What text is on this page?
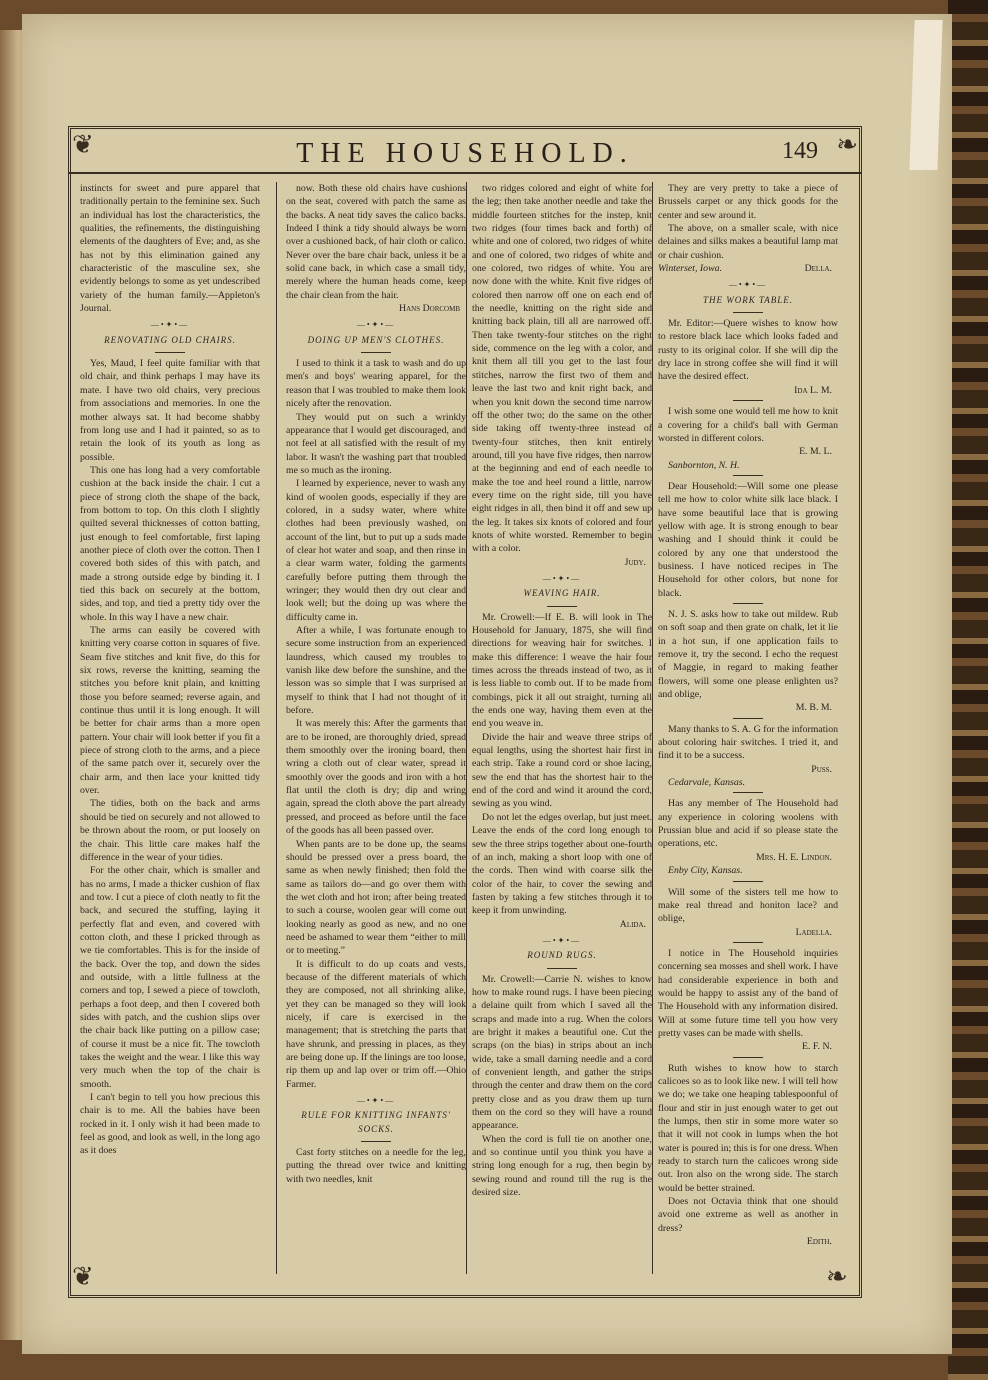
❦	THE HOUSEHOLD.	149 ❧
❦	❧

instincts for sweet and pure apparel that traditionally pertain to the feminine sex. Such an individual has lost the characteristics, the qualities, the refinements, the distinguishing elements of the daughters of Eve; and, as she has not by this elimination gained any characteristic of the masculine sex, she evidently belongs to some as yet undescribed variety of the human family.—Appleton's Journal.

—•✦•—
RENOVATING OLD CHAIRS.

Yes, Maud, I feel quite familiar with that old chair, and think perhaps I may have its mate. I have two old chairs, very precious from associations and memories. In one the mother always sat. It had become shabby from long use and I had it painted, so as to retain the look of its youth as long as possible.

This one has long had a very comfortable cushion at the back inside the chair. I cut a piece of strong cloth the shape of the back, from bottom to top. On this cloth I slightly quilted several thicknesses of cotton batting, just enough to feel comfortable, first laping another piece of cloth over the cotton. Then I covered both sides of this with patch, and made a strong outside edge by binding it. I tied this back on securely at the bottom, sides, and top, and tied a pretty tidy over the whole. In this way I have a new chair.

The arms can easily be covered with knitting very coarse cotton in squares of five. Seam five stitches and knit five, do this for six rows, reverse the knitting, seaming the stitches you before knit plain, and knitting those you before seamed; reverse again, and continue thus until it is long enough. It will be better for chair arms than a more open pattern. Your chair will look better if you fit a piece of strong cloth to the arms, and a piece of the same patch over it, securely over the chair arm, and then lace your knitted tidy over.

The tidies, both on the back and arms should be tied on securely and not allowed to be thrown about the room, or put loosely on the chair. This little care makes half the difference in the wear of your tidies.

For the other chair, which is smaller and has no arms, I made a thicker cushion of flax and tow. I cut a piece of cloth neatly to fit the back, and secured the stuffing, laying it perfectly flat and even, and covered with cotton cloth, and these I pricked through as we tie comfortables. This is for the inside of the back. Over the top, and down the sides and outside, with a little fullness at the corners and top, I sewed a piece of towcloth, perhaps a foot deep, and then I covered both sides with patch, and the cushion slips over the chair back like putting on a pillow case; of course it must be a nice fit. The towcloth takes the weight and the wear. I like this way very much when the top of the chair is smooth.

I can't begin to tell you how precious this chair is to me. All the babies have been rocked in it. I only wish it had been made to feel as good, and look as well, in the long ago as it does

now. Both these old chairs have cushions on the seat, covered with patch the same as the backs. A neat tidy saves the calico backs. Indeed I think a tidy should always be worn over a cushioned back, of hair cloth or calico. Never over the bare chair back, unless it be a solid cane back, in which case a small tidy, merely where the human heads come, keep the chair clean from the hair.

Hans Dorcomb
—•✦•—
DOING UP MEN'S CLOTHES.

I used to think it a task to wash and do up men's and boys' wearing apparel, for the reason that I was troubled to make them look nicely after the renovation.

They would put on such a wrinkly appearance that I would get discouraged, and not feel at all satisfied with the result of my labor. It wasn't the washing part that troubled me so much as the ironing.

I learned by experience, never to wash any kind of woolen goods, especially if they are colored, in a sudsy water, where white clothes had been previously washed, on account of the lint, but to put up a suds made of clear hot water and soap, and then rinse in a clear warm water, folding the garments carefully before putting them through the wringer; they would then dry out clear and look well; but the doing up was where the difficulty came in.

After a while, I was fortunate enough to secure some instruction from an experienced laundress, which caused my troubles to vanish like dew before the sunshine, and the lesson was so simple that I was surprised at myself to think that I had not thought of it before.

It was merely this: After the garments that are to be ironed, are thoroughly dried, spread them smoothly over the ironing board, then wring a cloth out of clear water, spread it smoothly over the goods and iron with a hot flat until the cloth is dry; dip and wring again, spread the cloth above the part already pressed, and proceed as before until the face of the goods has all been passed over.

When pants are to be done up, the seams should be pressed over a press board, the same as when newly finished; then fold the same as tailors do—and go over them with the wet cloth and hot iron; after being treated to such a course, woolen gear will come out looking nearly as good as new, and no one need be ashamed to wear them “either to mill or to meeting.”

It is difficult to do up coats and vests, because of the different materials of which they are composed, not all shrinking alike, yet they can be managed so they will look nicely, if care is exercised in the management; that is stretching the parts that have shrunk, and pressing in places, as they are being done up. If the linings are too loose, rip them up and lap over or trim off.—Ohio Farmer.

—•✦•—
RULE FOR KNITTING INFANTS' SOCKS.

Cast forty stitches on a needle for the leg, putting the thread over twice and knitting with two needles, knit

two ridges colored and eight of white for the leg; then take another needle and take the middle fourteen stitches for the instep, knit two ridges (four times back and forth) of white and one of colored, two ridges of white and one of colored, two ridges of white and one colored, two ridges of white. You are now done with the white. Knit five ridges of colored then narrow off one on each end of the needle, knitting on the right side and knitting back plain, till all are narrowed off. Then take twenty-four stitches on the right side, commence on the leg with a color, and knit them all till you get to the last four stitches, narrow the first two of them and leave the last two and knit right back, and when you knit down the second time narrow off the other two; do the same on the other side taking off twenty-three instead of twenty-four stitches, then knit entirely around, till you have five ridges, then narrow at the beginning and end of each needle to make the toe and heel round a little, narrow every time on the right side, till you have eight ridges in all, then bind it off and sew up the leg. It takes six knots of colored and four knots of white worsted. Remember to begin with a color.

Judy.
—•✦•—
WEAVING HAIR.

Mr. Crowell:—If E. B. will look in The Household for January, 1875, she will find directions for weaving hair for switches. I make this difference: I weave the hair four times across the threads instead of two, as it is less liable to comb out. If to be made from combings, pick it all out straight, turning all the ends one way, having them even at the end you weave in.

Divide the hair and weave three strips of equal lengths, using the shortest hair first in each strip. Take a round cord or shoe lacing, sew the end that has the shortest hair to the end of the cord and wind it around the cord, sewing as you wind.

Do not let the edges overlap, but just meet. Leave the ends of the cord long enough to sew the three strips together about one-fourth of an inch, making a short loop with one of the cords. Then wind with coarse silk the color of the hair, to cover the sewing and fasten by taking a few stitches through it to keep it from unwinding.

Alida.
—•✦•—
ROUND RUGS.

Mr. Crowell:—Carrie N. wishes to know how to make round rugs. I have been piecing a delaine quilt from which I saved all the scraps and made into a rug. When the colors are bright it makes a beautiful one. Cut the scraps (on the bias) in strips about an inch wide, take a small darning needle and a cord of convenient length, and gather the strips through the center and draw them on the cord pretty close and as you draw them up turn them on the cord so they will have a round appearance.

When the cord is full tie on another one, and so continue until you think you have a string long enough for a rug, then begin by sewing round and round till the rug is the desired size.

They are very pretty to take a piece of Brussels carpet or any thick goods for the center and sew around it.

The above, on a smaller scale, with nice delaines and silks makes a beautiful lamp mat or chair cushion.

Winterset, Iowa.	Della.
—•✦•—
THE WORK TABLE.

Mr. Editor:—Quere wishes to know how to restore black lace which looks faded and rusty to its original color. If she will dip the dry lace in strong coffee she will find it will have the desired effect.

Ida L. M.

I wish some one would tell me how to knit a covering for a child's ball with German worsted in different colors.

E. M. L.
Sanbornton, N. H.

Dear Household:—Will some one please tell me how to color white silk lace black. I have some beautiful lace that is growing yellow with age. It is strong enough to bear washing and I should think it could be colored by any one that understood the business. I have noticed recipes in The Household for other colors, but none for black.

N. J. S. asks how to take out mildew. Rub on soft soap and then grate on chalk, let it lie in a hot sun, if one application fails to remove it, try the second. I echo the request of Maggie, in regard to making feather flowers, will some one please enlighten us? and oblige,

M. B. M.

Many thanks to S. A. G for the information about coloring hair switches. I tried it, and find it to be a success.

Puss.
Cedarvale, Kansas.

Has any member of The Household had any experience in coloring woolens with Prussian blue and acid if so please state the operations, etc.

Mrs. H. E. Lindon.
Enby City, Kansas.

Will some of the sisters tell me how to make real thread and honiton lace? and oblige,

Ladella.

I notice in The Household inquiries concerning sea mosses and shell work. I have had considerable experience in both and would be happy to assist any of the band of The Household with any information disired. Will at some future time tell you how very pretty vases can be made with shells.

E. F. N.

Ruth wishes to know how to starch calicoes so as to look like new. I will tell how we do; we take one heaping tablespoonful of flour and stir in just enough water to get out the lumps, then stir in some more water so that it will not cook in lumps when the hot water is poured in; this is for one dress. When ready to starch turn the calicoes wrong side out. Iron also on the wrong side. The starch would be better strained.

Does not Octavia think that one should avoid one extreme as well as another in dress?

Edith.
